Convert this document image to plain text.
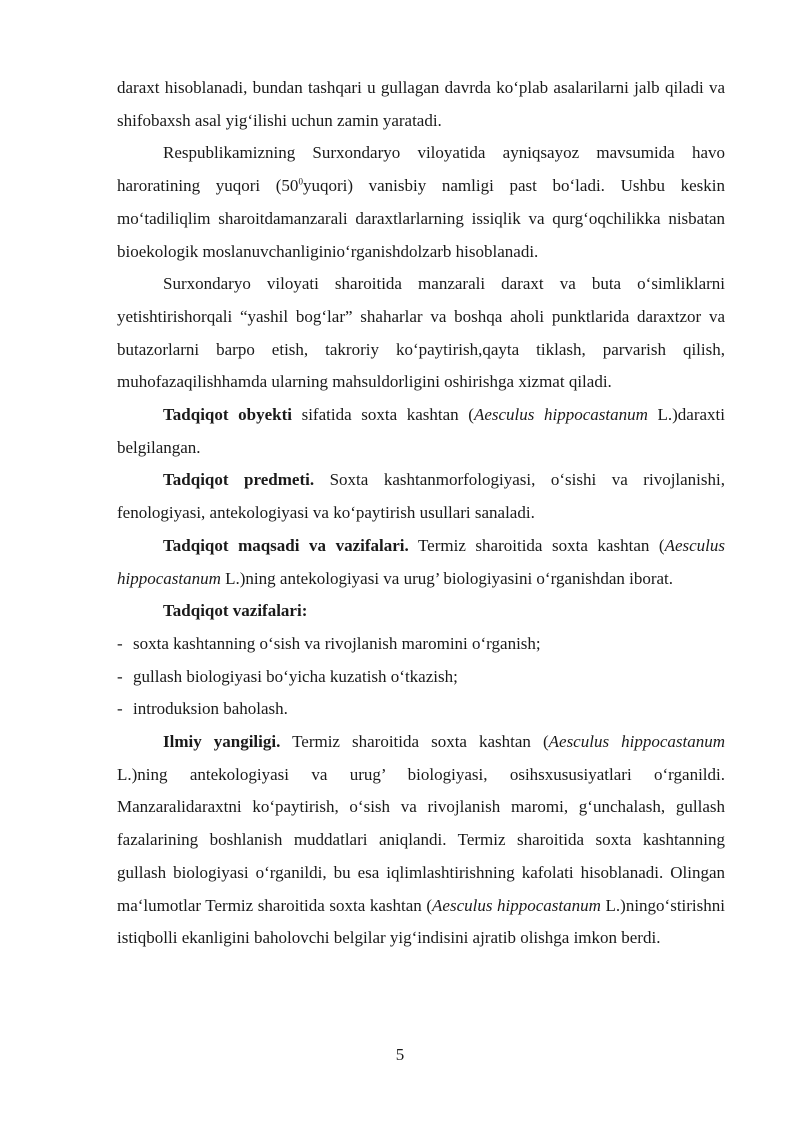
daraxt hisoblanadi, bundan tashqari u gullagan davrda ko‘plab asalarilarni jalb qiladi va shifobaxsh asal yig‘ilishi uchun zamin yaratadi.

Respublikamizning Surxondaryo viloyatida ayniqsayoz mavsumida havo haroratining yuqori $(50^0yuqori)$ vanisbiy namligi past bo‘ladi. Ushbu keskin mo‘tadiliqlim sharoitdamanzarali daraxtlarlarning issiqlik va qurg‘oqchilikka nisbatan bioekologik moslanuvchanliginio‘rganishdolzarb hisoblanadi.

Surxondaryo viloyati sharoitida manzarali daraxt va buta o‘simliklarni yetishtirishorqali “yashil bog‘lar” shaharlar va boshqa aholi punktlarida daraxtzor va butazorlarni barpo etish, takroriy ko‘paytirish,qayta tiklash, parvarish qilish, muhofazaqilishhamda ularning mahsuldorligini oshirishga xizmat qiladi.

Tadqiqot obyekti sifatida soxta kashtan (Aesculus hippocastanum L.)daraxti belgilangan.

Tadqiqot predmeti. Soxta kashtanmorfologiyasi, o‘sishi va rivojlanishi, fenologiyasi, antekologiyasi va ko‘paytirish usullari sanaladi.

Tadqiqot maqsadi va vazifalari. Termiz sharoitida soxta kashtan (Aesculus hippocastanum L.)ning antekologiyasi va urug’ biologiyasini o‘rganishdan iborat.

Tadqiqot vazifalari:

- soxta kashtanning o‘sish va rivojlanish maromini o‘rganish;
- gullash biologiyasi bo‘yicha kuzatish o‘tkazish;
- introduksion baholash.

Ilmiy yangiligi. Termiz sharoitida soxta kashtan (Aesculus hippocastanum L.)ning antekologiyasi va urug’ biologiyasi, osihsxususiyatlari o‘rganildi. Manzaralidaraxtni ko‘paytirish, o‘sish va rivojlanish maromi, g‘unchalash, gullash fazalarining boshlanish muddatlari aniqlandi. Termiz sharoitida soxta kashtanning gullash biologiyasi o‘rganildi, bu esa iqlimlashtirishning kafolati hisoblanadi. Olingan ma‘lumotlar Termiz sharoitida soxta kashtan (Aesculus hippocastanum L.)ningo‘stirishni istiqbolli ekanligini baholovchi belgilar yig‘indisini ajratib olishga imkon berdi.

5
